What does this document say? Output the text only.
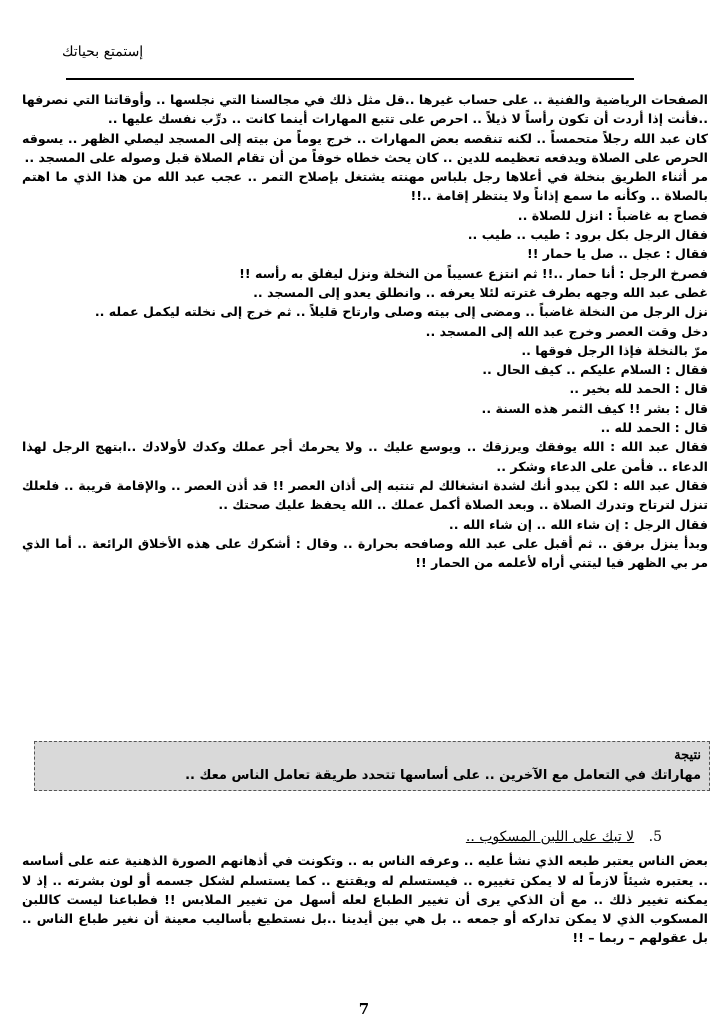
إستمتع بحياتك

الصفحات الرياضية والفنية .. على حساب غيرها ..قل مثل ذلك في مجالسنا التي نجلسها .. وأوقاتنا التي نصرفها ..فأنت إذا أردت أن تكون رأساً لا ذيلاً .. احرص على تتبع المهارات أينما كانت .. درِّب نفسك عليها ..

كان عبد الله رجلاً متحمساً .. لكنه تنقصه بعض المهارات .. خرج يوماً من بيته إلى المسجد ليصلي الظهر .. يسوقه الحرص على الصلاة ويدفعه تعظيمه للدين .. كان يحث خطاه خوفاً من أن تقام الصلاة قبل وصوله على المسجد ..

مر أثناء الطريق بنخلة في أعلاها رجل بلباس مهنته يشتغل بإصلاح التمر .. عجب عبد الله من هذا الذي ما اهتم بالصلاة .. وكأنه ما سمع إذاناً ولا ينتظر إقامة ..!!

فصاح به غاضباً : انزل للصلاة ..

فقال الرجل بكل برود : طيب .. طيب ..

فقال : عجل .. صل يا حمار !!

فصرخ الرجل : أنا حمار ..!! ثم انتزع عسيباً من النخلة ونزل ليفلق به رأسه !!

غطى عبد الله وجهه بطرف غترته لئلا يعرفه .. وانطلق يعدو إلى المسجد ..

نزل الرجل من النخلة غاضباً .. ومضى إلى بيته وصلى وارتاح قليلاً .. ثم خرج إلى نخلته ليكمل عمله ..

دخل وقت العصر وخرج عبد الله إلى المسجد ..

مرّ بالنخلة فإذا الرجل فوقها ..

فقال : السلام عليكم .. كيف الحال ..

قال : الحمد لله بخير ..

قال : بشر !! كيف الثمر هذه السنة ..

قال : الحمد لله ..

فقال عبد الله : الله يوفقك ويرزقك .. ويوسع عليك .. ولا يحرمك أجر عملك وكدك لأولادك ..ابتهج الرجل لهذا الدعاء .. فأمن على الدعاء وشكر ..

فقال عبد الله : لكن يبدو أنك لشدة انشغالك لم تنتبه إلى أذان العصر !! قد أذن العصر .. والإقامة قريبة .. فلعلك تنزل لترتاح وتدرك الصلاة .. وبعد الصلاة أكمل عملك .. الله يحفظ عليك صحتك ..

فقال الرجل : إن شاء الله .. إن شاء الله ..

وبدأ ينزل برفق .. ثم أقبل على عبد الله وصافحه بحرارة .. وقال : أشكرك على هذه الأخلاق الرائعة .. أما الذي مر بي الظهر فيا ليتني أراه لأعلمه من الحمار !!

نتيجة
مهاراتك في التعامل مع الآخرين .. على أساسها تتحدد طريقة تعامل الناس معك ..
5. لا تبك على اللبن المسكوب ..

بعض الناس يعتبر طبعه الذي نشأ عليه .. وعرفه الناس به .. وتكونت في أذهانهم الصورة الذهنية عنه على أساسه .. يعتبره شيئاً لازماً له لا يمكن تغييره .. فيستسلم له ويقتنع .. كما يستسلم لشكل جسمه أو لون بشرته .. إذ لا يمكنه تغيير ذلك .. مع أن الذكي يرى أن تغيير الطباع لعله أسهل من تغيير الملابس !! فطباعنا ليست كاللبن المسكوب الذي لا يمكن تداركه أو جمعه .. بل هي بين أيدينا ..بل نستطيع بأساليب معينة أن نغير طباع الناس .. بل عقولهم – ربما – !!

7
